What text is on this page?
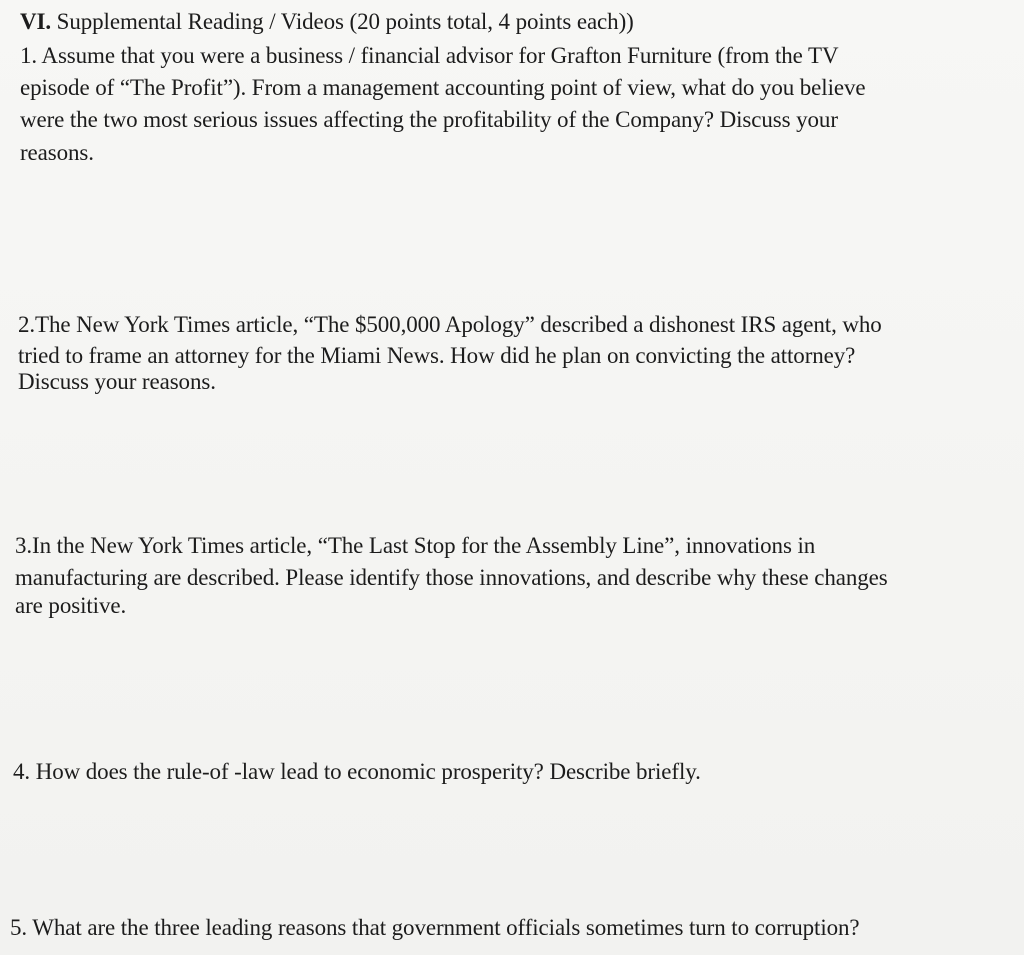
VI. Supplemental Reading / Videos (20 points total, 4 points each))
1. Assume that you were a business / financial advisor for Grafton Furniture (from the TV
episode of “The Profit”). From a management accounting point of view, what do you believe
were the two most serious issues affecting the profitability of the Company? Discuss your
reasons.
2.The New York Times article, “The $500,000 Apology” described a dishonest IRS agent, who
tried to frame an attorney for the Miami News. How did he plan on convicting the attorney?
Discuss your reasons.
3.In the New York Times article, “The Last Stop for the Assembly Line”, innovations in
manufacturing are described. Please identify those innovations, and describe why these changes
are positive.
4. How does the rule-of -law lead to economic prosperity? Describe briefly.
5. What are the three leading reasons that government officials sometimes turn to corruption?
